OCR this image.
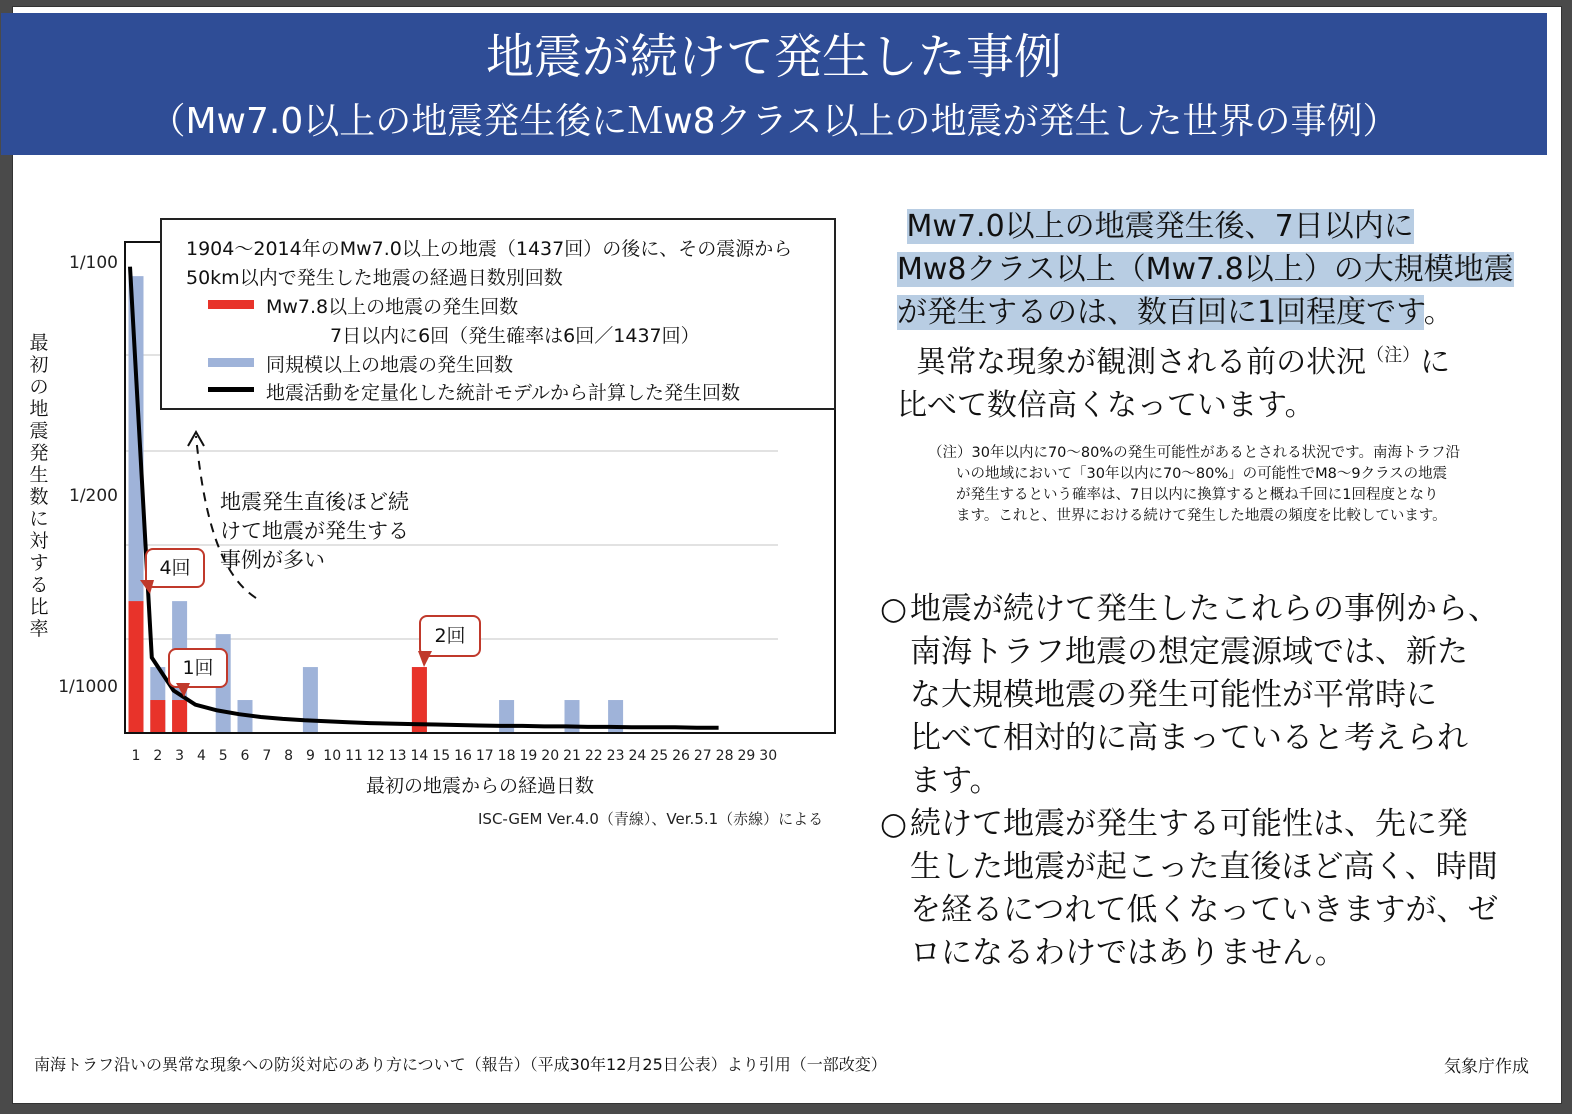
地震が続けて発生した事例
（Mw7.0以上の地震発生後にＭw8クラス以上の地震が発生した世界の事例）
1/100
1/200
1/1000
1 2 3 4 5 6 7 8 9 10 11 12 13 14 15 16 17 18 19 20 21 22 23 24 25 26 27 28 29 30
最初の地震からの経過日数
最初の地震発生数に対する比率
1904～2014年のMw7.0以上の地震（1437回）の後に、その震源から
50km以内で発生した地震の経過日数別回数
Mw7.8以上の地震の発生回数
7日以内に6回（発生確率は6回／1437回）
同規模以上の地震の発生回数
地震活動を定量化した統計モデルから計算した発生回数
地震発生直後ほど続
けて地震が発生する
事例が多い
4回
1回
2回
ISC-GEM Ver.4.0（青線）、Ver.5.1（赤線）による
Mw7.0以上の地震発生後、7日以内に
Mw8クラス以上（Mw7.8以上）の大規模地震
が発生するのは、数百回に1回程度です。
異常な現象が観測される前の状況$^{(注)}$に
比べて数倍高くなっています。
（注）30年以内に70～80%の発生可能性があるとされる状況です。南海トラフ沿
いの地域において「30年以内に70～80%」の可能性でM8～9クラスの地震
が発生するという確率は、7日以内に換算すると概ね千回に1回程度となり
ます。これと、世界における続けて発生した地震の頻度を比較しています。
○地震が続けて発生したこれらの事例から、
南海トラフ地震の想定震源域では、新た
な大規模地震の発生可能性が平常時に
比べて相対的に高まっていると考えられ
ます。
○続けて地震が発生する可能性は、先に発
生した地震が起こった直後ほど高く、時間
を経るにつれて低くなっていきますが、ゼ
ロになるわけではありません。
南海トラフ沿いの異常な現象への防災対応のあり方について（報告）（平成30年12月25日公表）より引用（一部改変）	気象庁作成
